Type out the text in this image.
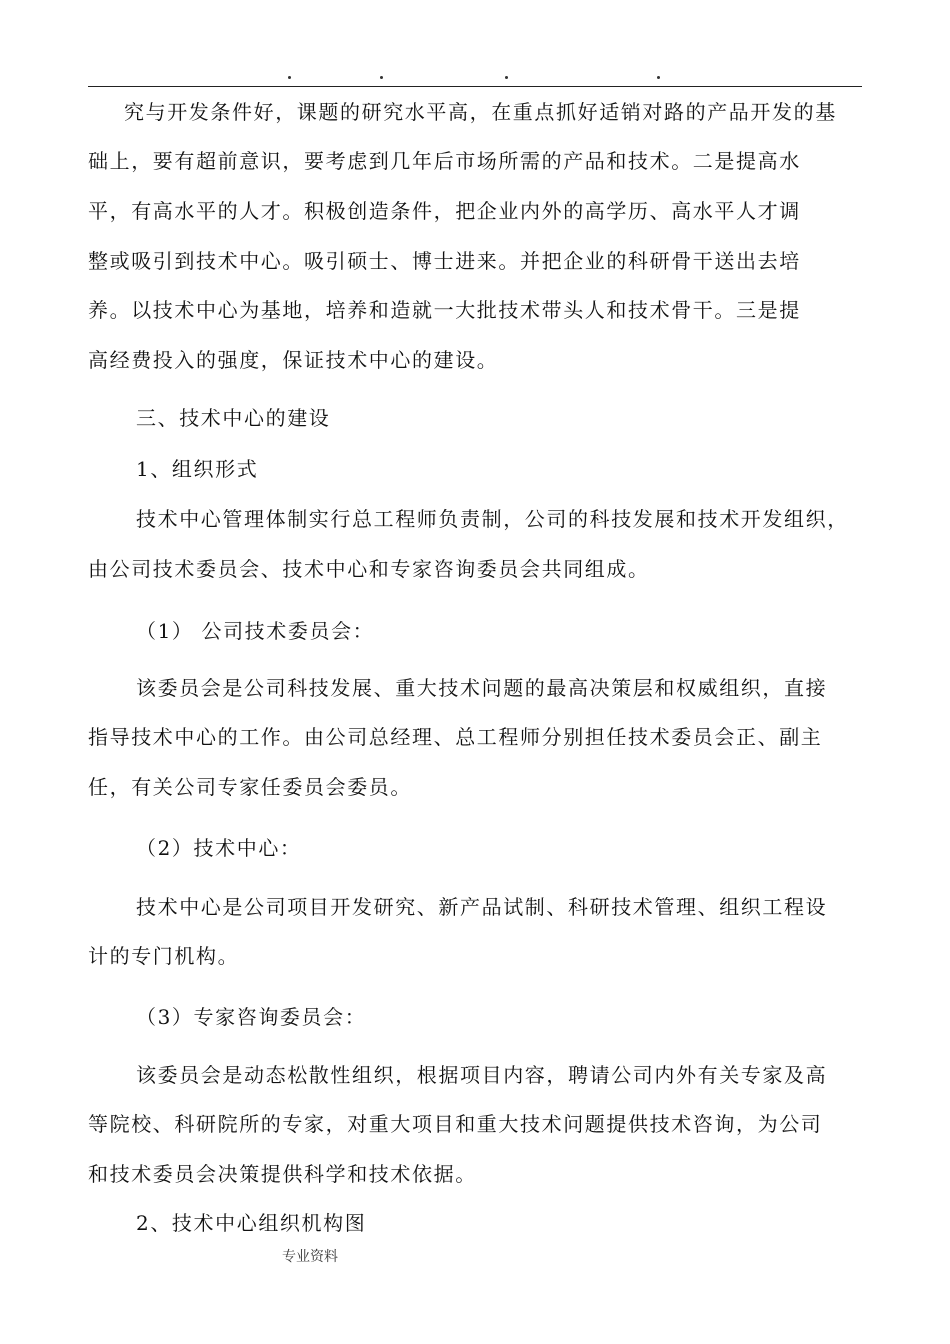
究与开发条件好，课题的研究水平高，在重点抓好适销对路的产品开发的基
础上，要有超前意识，要考虑到几年后市场所需的产品和技术。二是提高水
平，有高水平的人才。积极创造条件，把企业内外的高学历、高水平人才调
整或吸引到技术中心。吸引硕士、博士进来。并把企业的科研骨干送出去培
养。以技术中心为基地，培养和造就一大批技术带头人和技术骨干。三是提
高经费投入的强度，保证技术中心的建设。
三、技术中心的建设
1、组织形式
技术中心管理体制实行总工程师负责制，公司的科技发展和技术开发组织，
由公司技术委员会、技术中心和专家咨询委员会共同组成。
（1） 公司技术委员会：
该委员会是公司科技发展、重大技术问题的最高决策层和权威组织，直接
指导技术中心的工作。由公司总经理、总工程师分别担任技术委员会正、副主
任，有关公司专家任委员会委员。
（2）技术中心：
技术中心是公司项目开发研究、新产品试制、科研技术管理、组织工程设
计的专门机构。
（3）专家咨询委员会：
该委员会是动态松散性组织，根据项目内容，聘请公司内外有关专家及高
等院校、科研院所的专家，对重大项目和重大技术问题提供技术咨询，为公司
和技术委员会决策提供科学和技术依据。
2、技术中心组织机构图
专业资料
